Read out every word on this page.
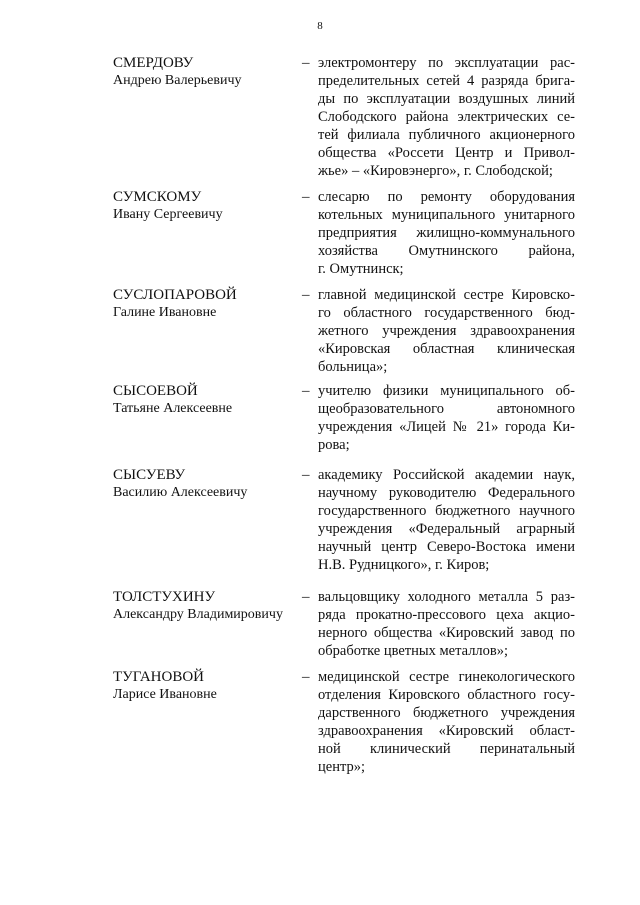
8
СМЕРДОВУ
Андрею Валерьевичу
– электромонтеру по эксплуатации рас-
пределительных сетей 4 разряда брига-
ды по эксплуатации воздушных линий
Слободского района электрических се-
тей филиала публичного акционерного
общества «Россети Центр и Привол-
жье» – «Кировэнерго», г. Слободской;
СУМСКОМУ
Ивану Сергеевичу
– слесарю по ремонту оборудования
котельных муниципального унитарного
предприятия жилищно-коммунального
хозяйства Омутнинского района,
г. Омутнинск;
СУСЛОПАРОВОЙ
Галине Ивановне
– главной медицинской сестре Кировско-
го областного государственного бюд-
жетного учреждения здравоохранения
«Кировская областная клиническая
больница»;
СЫСОЕВОЙ
Татьяне Алексеевне
– учителю физики муниципального об-
щеобразовательного автономного
учреждения «Лицей № 21» города Ки-
рова;
СЫСУЕВУ
Василию Алексеевичу
– академику Российской академии наук,
научному руководителю Федерального
государственного бюджетного научного
учреждения «Федеральный аграрный
научный центр Северо-Востока имени
Н.В. Рудницкого», г. Киров;
ТОЛСТУХИНУ
Александру Владимировичу
– вальцовщику холодного металла 5 раз-
ряда прокатно-прессового цеха акцио-
нерного общества «Кировский завод по
обработке цветных металлов»;
ТУГАНОВОЙ
Ларисе Ивановне
– медицинской сестре гинекологического
отделения Кировского областного госу-
дарственного бюджетного учреждения
здравоохранения «Кировский област-
ной клинический перинатальный
центр»;
